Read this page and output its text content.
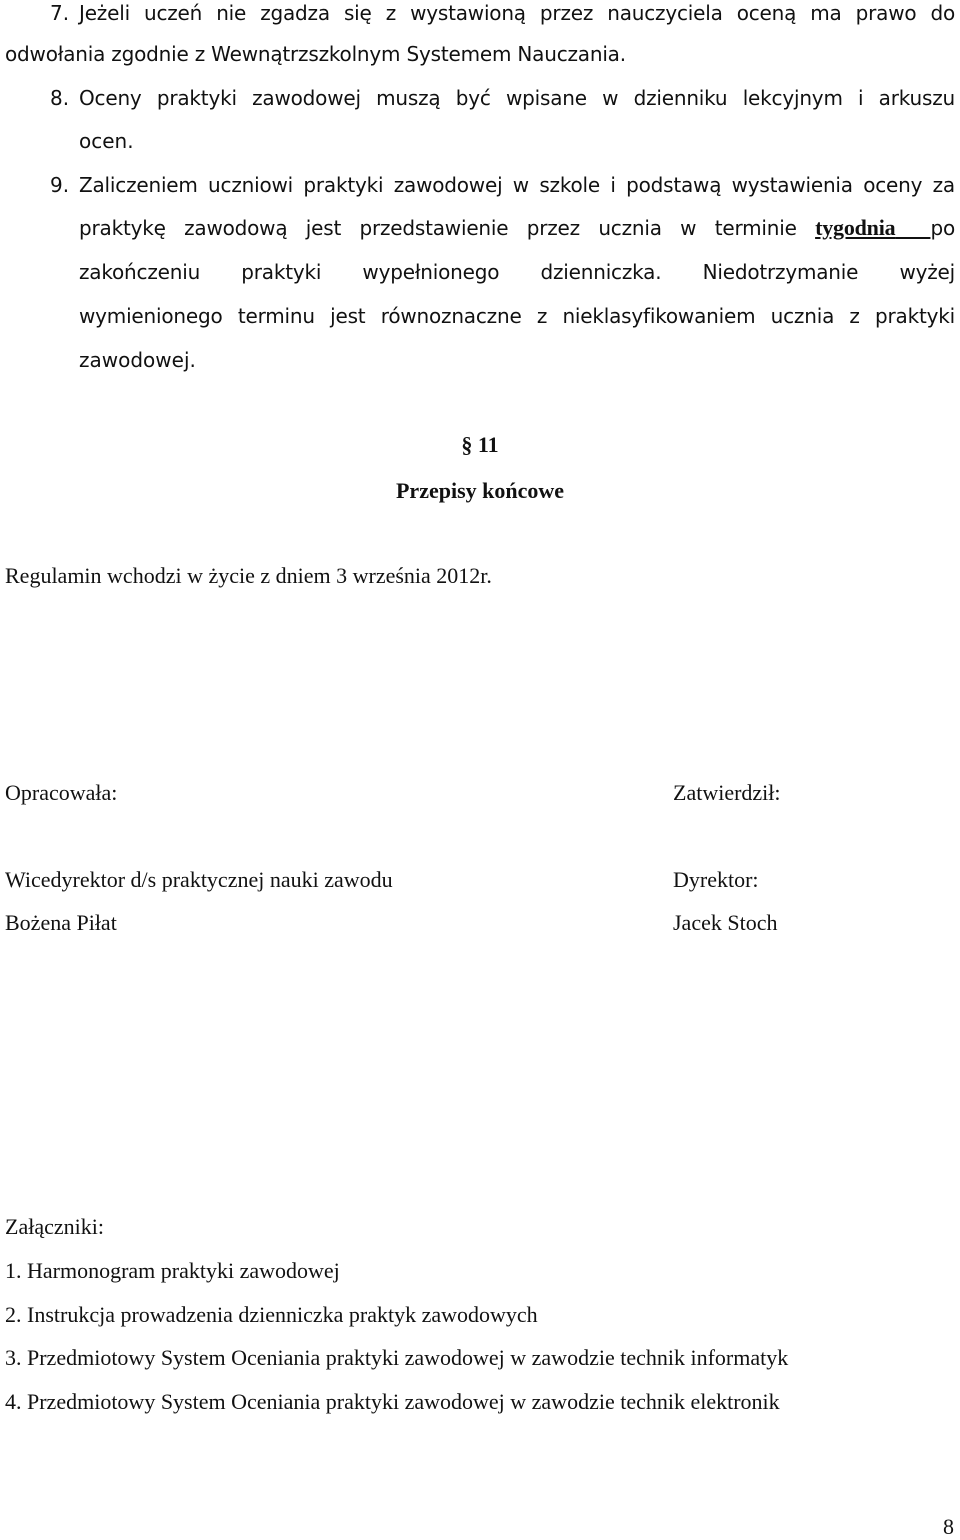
7. Jeżeli uczeń nie zgadza się z wystawioną przez nauczyciela oceną ma prawo do
odwołania zgodnie z Wewnątrzszkolnym Systemem Nauczania.
8. Oceny praktyki zawodowej muszą być wpisane w dzienniku lekcyjnym i arkuszu
ocen.
9. Zaliczeniem uczniowi praktyki zawodowej w szkole i podstawą wystawienia oceny za
praktykę zawodową jest przedstawienie przez ucznia w terminie tygodnia po
zakończeniu praktyki wypełnionego dzienniczka. Niedotrzymanie wyżej
wymienionego terminu jest równoznaczne z nieklasyfikowaniem ucznia z praktyki
zawodowej.
§ 11
Przepisy końcowe
Regulamin wchodzi w życie z dniem 3 września 2012r.
Opracowała:	Zatwierdził:
Wicedyrektor d/s praktycznej nauki zawodu	Dyrektor:
Bożena Piłat	Jacek Stoch
Załączniki:
1. Harmonogram praktyki zawodowej
2. Instrukcja prowadzenia dzienniczka praktyk zawodowych
3. Przedmiotowy System Oceniania praktyki zawodowej w zawodzie technik informatyk
4. Przedmiotowy System Oceniania praktyki zawodowej w zawodzie technik elektronik
8
